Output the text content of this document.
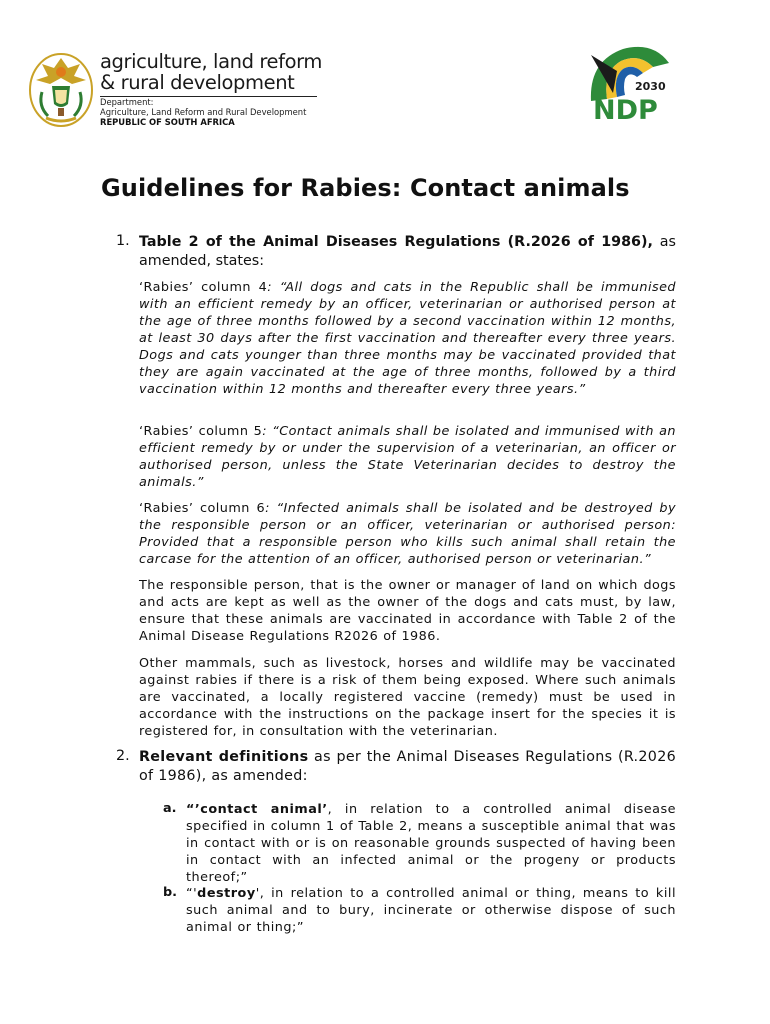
agriculture, land reform
& rural development
Department:
Agriculture, Land Reform and Rural Development
REPUBLIC OF SOUTH AFRICA
2030
NDP
Guidelines for Rabies: Contact animals
1. Table 2 of the Animal Diseases Regulations (R.2026 of 1986), as amended, states:
‘Rabies’ column 4: “All dogs and cats in the Republic shall be immunised with an efficient remedy by an officer, veterinarian or authorised person at the age of three months followed by a second vaccination within 12 months, at least 30 days after the first vaccination and thereafter every three years. Dogs and cats younger than three months may be vaccinated provided that they are again vaccinated at the age of three months, followed by a third vaccination within 12 months and thereafter every three years.”
‘Rabies’ column 5: “Contact animals shall be isolated and immunised with an efficient remedy by or under the supervision of a veterinarian, an officer or authorised person, unless the State Veterinarian decides to destroy the animals.”
‘Rabies’ column 6: “Infected animals shall be isolated and be destroyed by the responsible person or an officer, veterinarian or authorised person: Provided that a responsible person who kills such animal shall retain the carcase for the attention of an officer, authorised person or veterinarian.”
The responsible person, that is the owner or manager of land on which dogs and acts are kept as well as the owner of the dogs and cats must, by law, ensure that these animals are vaccinated in accordance with Table 2 of the Animal Disease Regulations R2026 of 1986.
Other mammals, such as livestock, horses and wildlife may be vaccinated against rabies if there is a risk of them being exposed. Where such animals are vaccinated, a locally registered vaccine (remedy) must be used in accordance with the instructions on the package insert for the species it is registered for, in consultation with the veterinarian.
2. Relevant definitions as per the Animal Diseases Regulations (R.2026 of 1986), as amended:
a. “’contact animal’, in relation to a controlled animal disease specified in column 1 of Table 2, means a susceptible animal that was in contact with or is on reasonable grounds suspected of having been in contact with an infected animal or the progeny or products thereof;”
b. “'destroy', in relation to a controlled animal or thing, means to kill such animal and to bury, incinerate or otherwise dispose of such animal or thing;”
